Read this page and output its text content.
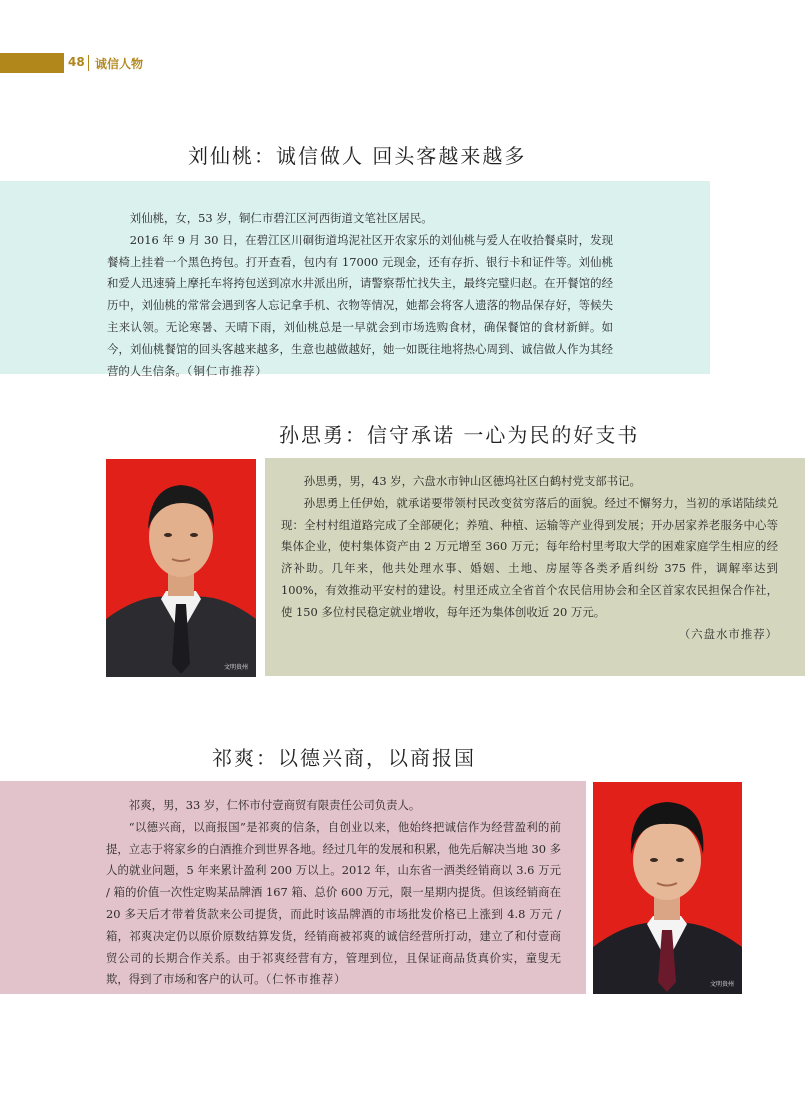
48 诚信人物
刘仙桃：诚信做人 回头客越来越多

刘仙桃，女，53 岁，铜仁市碧江区河西街道文笔社区居民。

2016 年 9 月 30 日，在碧江区川硐街道坞泥社区开农家乐的刘仙桃与爱人在收拾餐桌时，发现餐椅上挂着一个黑色挎包。打开查看，包内有 17000 元现金，还有存折、银行卡和证件等。刘仙桃和爱人迅速骑上摩托车将挎包送到凉水井派出所，请警察帮忙找失主，最终完璧归赵。在开餐馆的经历中，刘仙桃的常常会遇到客人忘记拿手机、衣物等情况，她都会将客人遗落的物品保存好，等候失主来认领。无论寒暑、天晴下雨，刘仙桃总是一早就会到市场选购食材，确保餐馆的食材新鲜。如今，刘仙桃餐馆的回头客越来越多，生意也越做越好，她一如既往地将热心周到、诚信做人作为其经营的人生信条。（铜仁市推荐）

孙思勇：信守承诺 一心为民的好支书
文明贵州

孙思勇，男，43 岁，六盘水市钟山区德坞社区白鹤村党支部书记。

孙思勇上任伊始，就承诺要带领村民改变贫穷落后的面貌。经过不懈努力，当初的承诺陆续兑现：全村村组道路完成了全部硬化；养殖、种植、运输等产业得到发展；开办居家养老服务中心等集体企业，使村集体资产由 2 万元增至 360 万元；每年给村里考取大学的困难家庭学生相应的经济补助。几年来，他共处理水事、婚姻、土地、房屋等各类矛盾纠纷 375 件，调解率达到 100%，有效推动平安村的建设。村里还成立全省首个农民信用协会和全区首家农民担保合作社，使 150 多位村民稳定就业增收，每年还为集体创收近 20 万元。

（六盘水市推荐）

祁爽：以德兴商，以商报国

祁爽，男，33 岁，仁怀市付壹商贸有限责任公司负责人。

“以德兴商，以商报国”是祁爽的信条，自创业以来，他始终把诚信作为经营盈利的前提，立志于将家乡的白酒推介到世界各地。经过几年的发展和积累，他先后解决当地 30 多人的就业问题，5 年来累计盈利 200 万以上。2012 年，山东省一酒类经销商以 3.6 万元 / 箱的价值一次性定购某品牌酒 167 箱、总价 600 万元，限一星期内提货。但该经销商在 20 多天后才带着货款来公司提货，而此时该品牌酒的市场批发价格已上涨到 4.8 万元 / 箱，祁爽决定仍以原价原数结算发货，经销商被祁爽的诚信经营所打动，建立了和付壹商贸公司的长期合作关系。由于祁爽经营有方，管理到位，且保证商品货真价实，童叟无欺，得到了市场和客户的认可。（仁怀市推荐）	文明贵州
